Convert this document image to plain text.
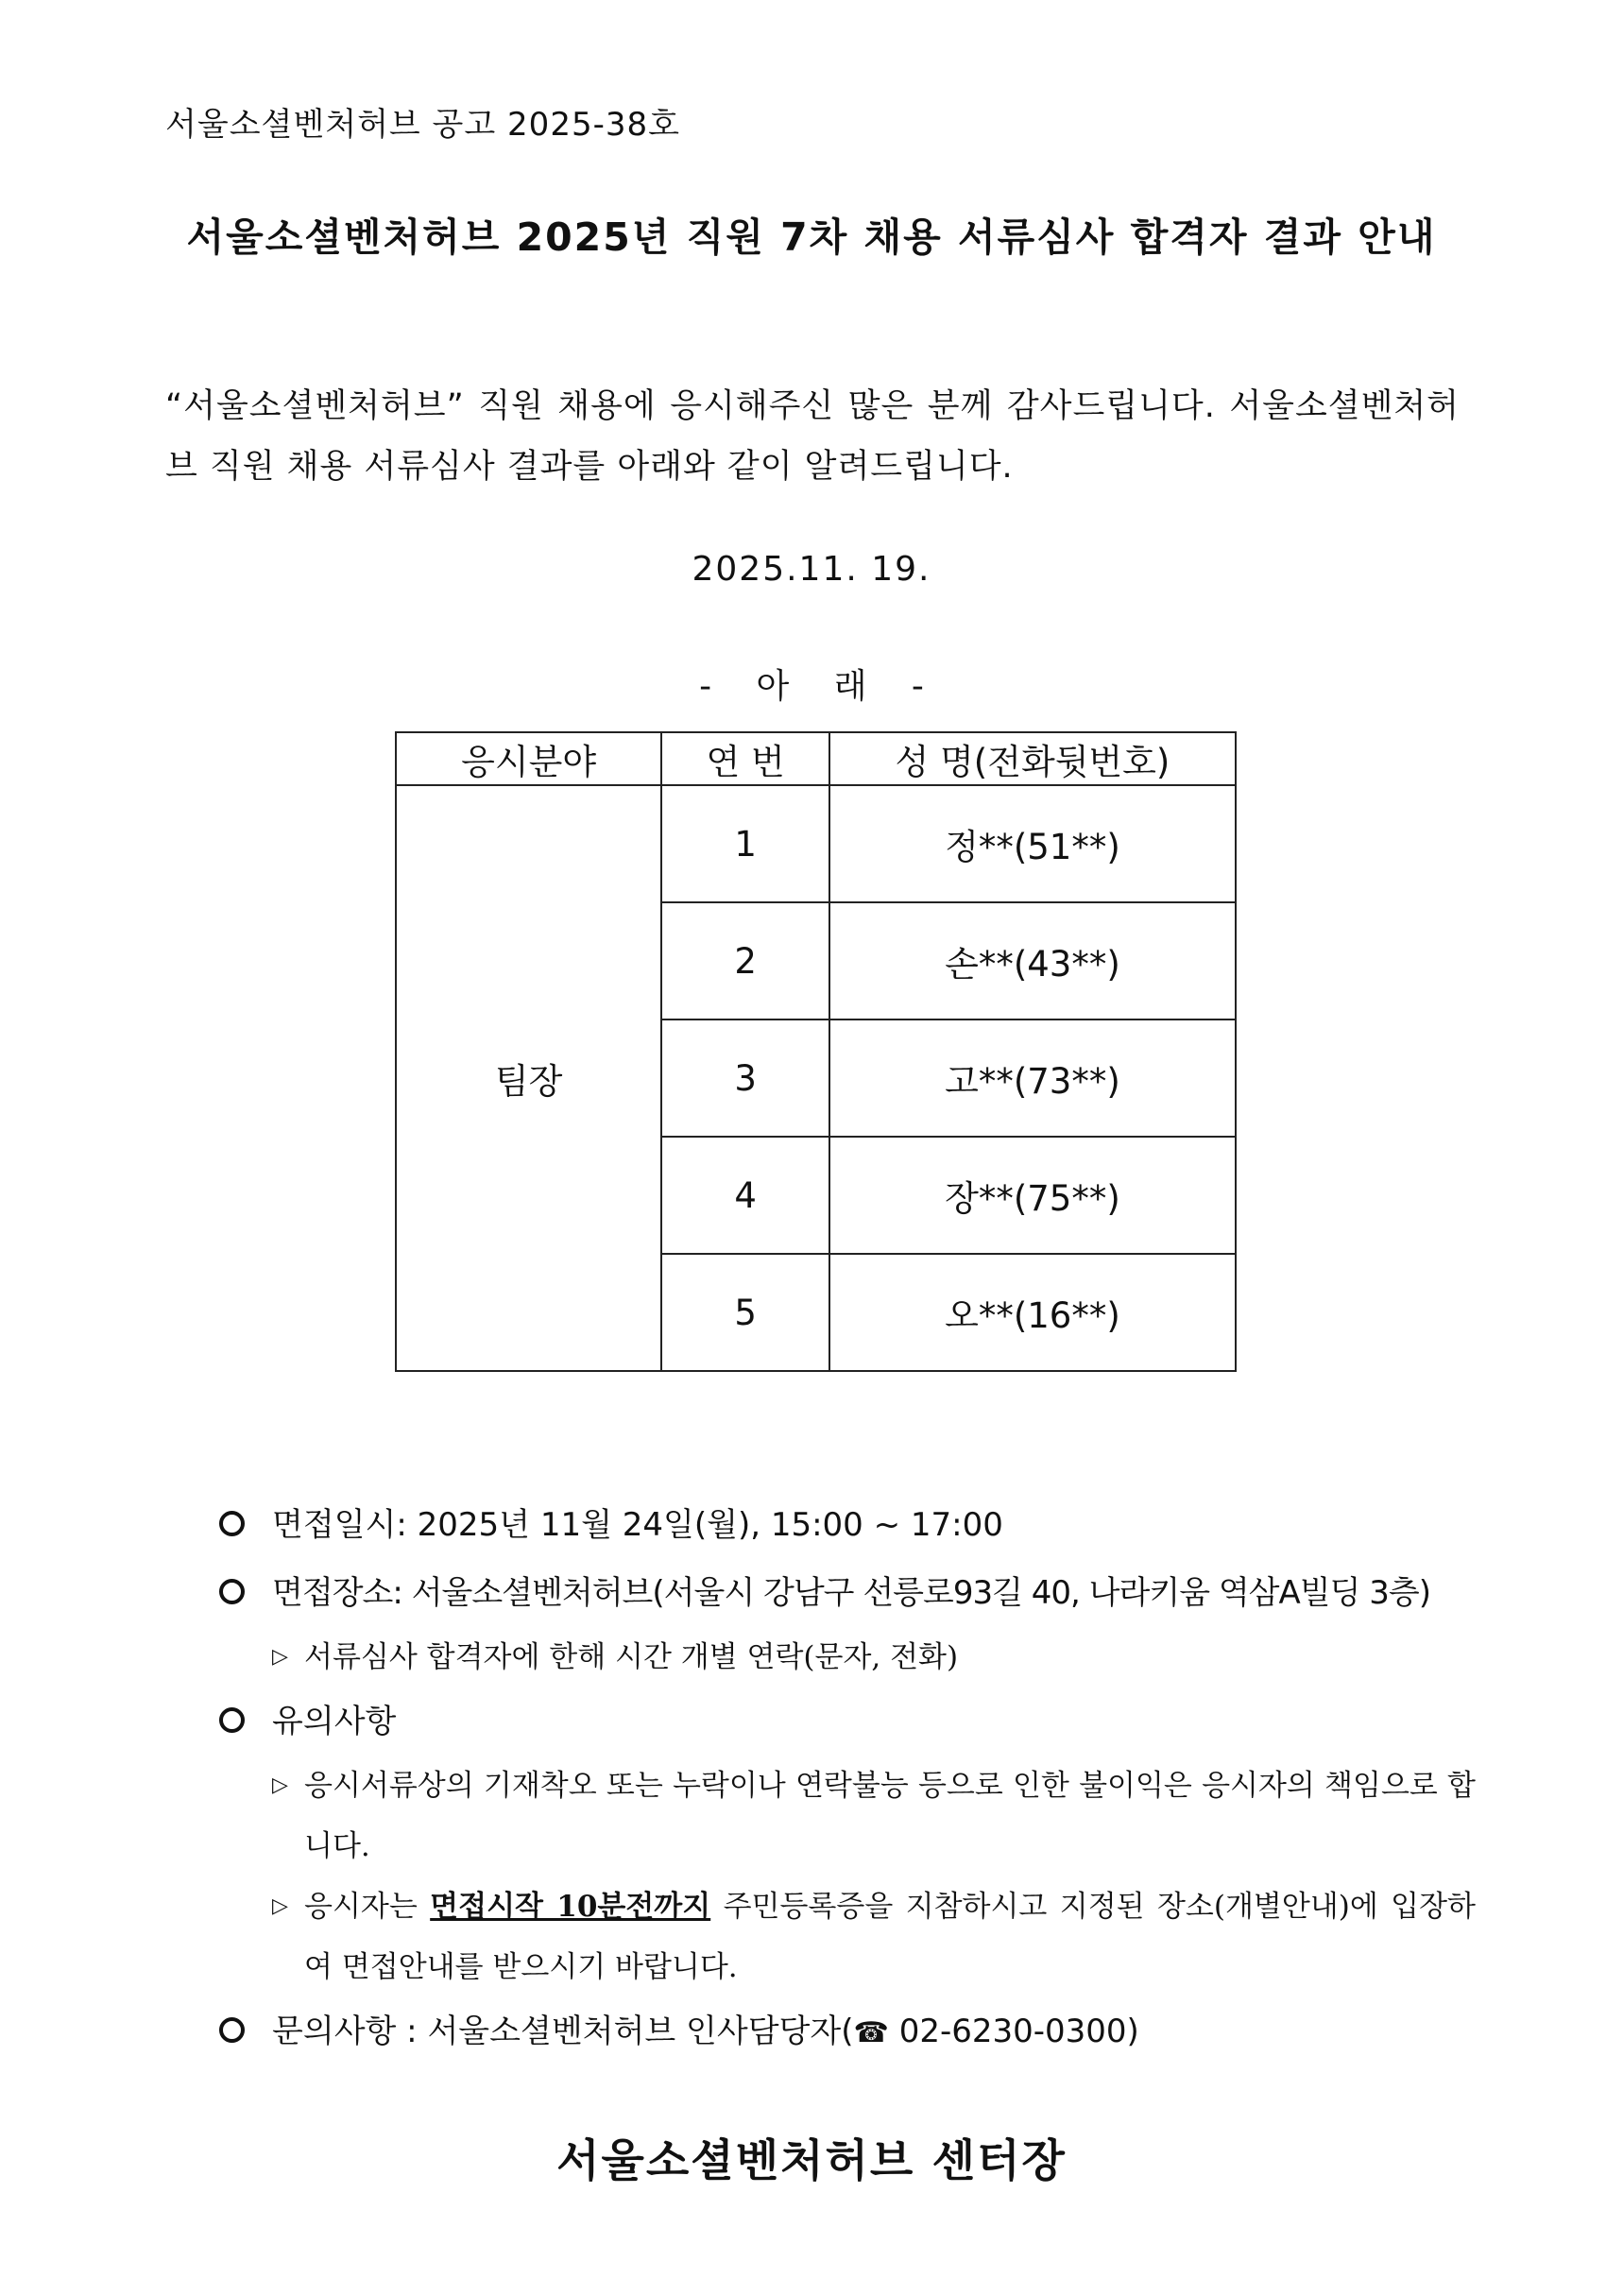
서울소셜벤처허브 공고 2025-38호
서울소셜벤처허브 2025년 직원 7차 채용 서류심사 합격자 결과 안내
“서울소셜벤처허브” 직원 채용에 응시해주신 많은 분께 감사드립니다. 서울소셜벤처허브 직원 채용 서류심사 결과를 아래와 같이 알려드립니다.
2025.11. 19.
- 아 래 -
응시분야	연 번	성 명(전화뒷번호)
팀장	1	정**(51**)
	2	손**(43**)
	3	고**(73**)
	4	장**(75**)
	5	오**(16**)
면접일시: 2025년 11월 24일(월), 15:00 ~ 17:00
면접장소: 서울소셜벤처허브(서울시 강남구 선릉로93길 40, 나라키움 역삼A빌딩 3층)
▷ 서류심사 합격자에 한해 시간 개별 연락(문자, 전화)
유의사항
▷ 응시서류상의 기재착오 또는 누락이나 연락불능 등으로 인한 불이익은 응시자의 책임으로 합니다.
▷ 응시자는 면접시작 10분전까지 주민등록증을 지참하시고 지정된 장소(개별안내)에 입장하여 면접안내를 받으시기 바랍니다.
문의사항 : 서울소셜벤처허브 인사담당자(☎ 02-6230-0300)
서울소셜벤처허브 센터장
